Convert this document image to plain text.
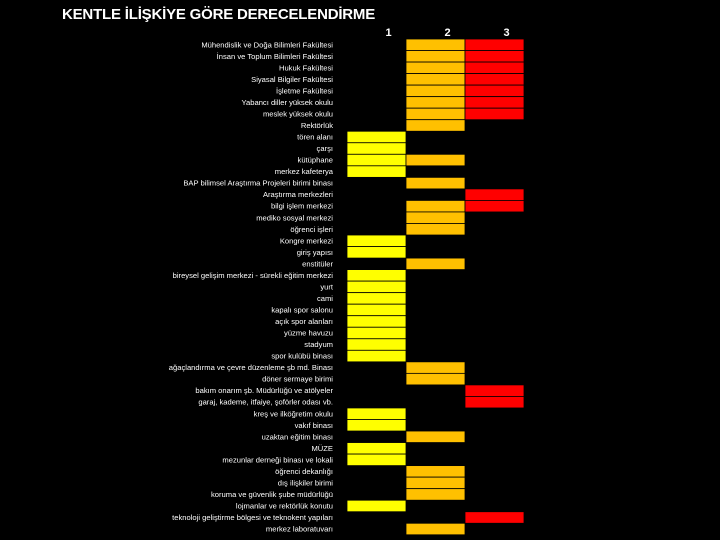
KENTLE İLİŞKİYE GÖRE DERECELENDİRME
1	2	3
Mühendislik ve Doğa Bilimleri Fakültesi
İnsan ve Toplum Bilimleri Fakültesi
Hukuk Fakültesi
Siyasal Bilgiler Fakültesi
İşletme Fakültesi
Yabancı diller yüksek okulu
meslek yüksek okulu
Rektörlük
tören alanı
çarşı
kütüphane
merkez kafeterya
BAP bilimsel Araştırma Projeleri birimi binası
Araştırma merkezleri
bilgi işlem merkezi
mediko sosyal merkezi
öğrenci işleri
Kongre merkezi
giriş yapısı
enstitüler
bireysel gelişim merkezi - sürekli eğitim merkezi
yurt
cami
kapalı spor salonu
açık spor alanları
yüzme havuzu
stadyum
spor kulübü binası
ağaçlandırma ve çevre düzenleme şb md. Binası
döner sermaye birimi
bakım onarım şb. Müdürlüğü ve atölyeler
garaj, kademe, itfaiye, şoförler odası vb.
kreş ve ilköğretim okulu
vakıf binası
uzaktan eğitim binası
MÜZE
mezunlar derneği binası ve lokali
öğrenci dekanlığı
dış ilişkiler birimi
koruma ve güvenlik şube müdürlüğü
lojmanlar ve rektörlük konutu
teknoloji geliştirme bölgesi ve teknokent yapıları
merkez laboratuvarı
